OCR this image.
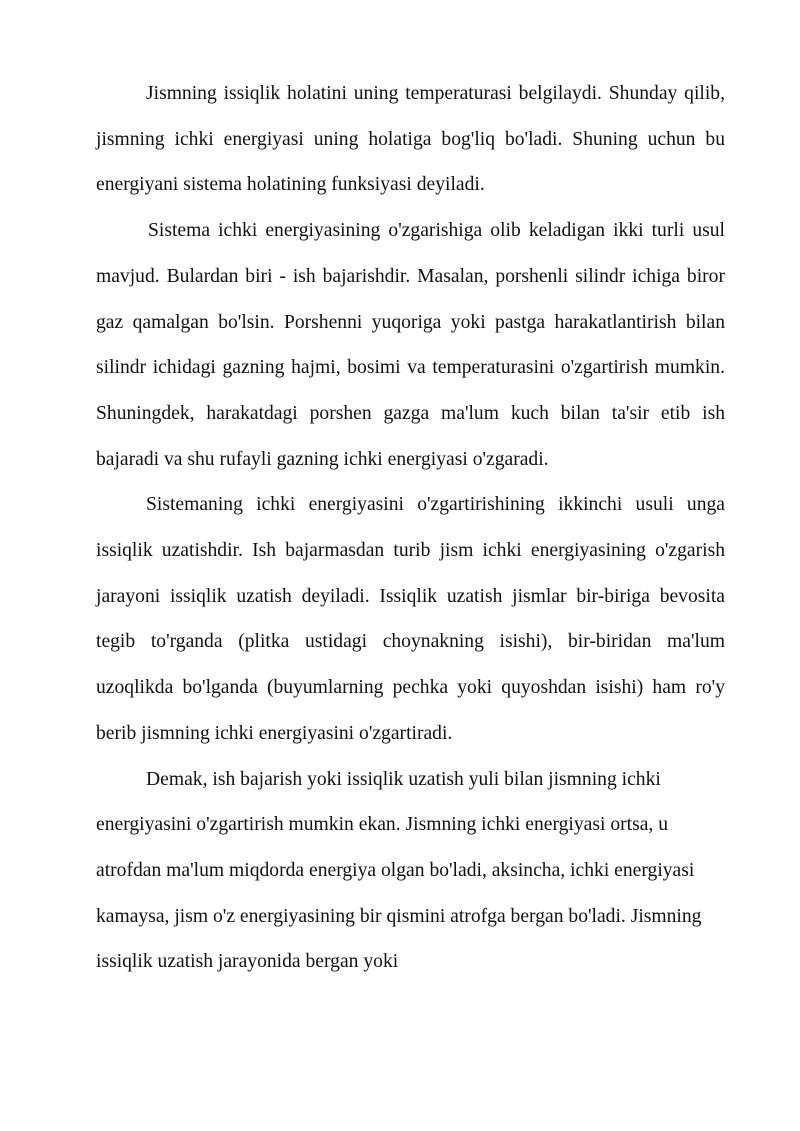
Jismning issiqlik holatini uning temperaturasi belgilaydi. Shunday qilib, jismning ichki energiyasi uning holatiga bog'liq bo'ladi. Shuning uchun bu energiyani sistema holatining funksiyasi deyiladi.

Sistema ichki energiyasining o'zgarishiga olib keladigan ikki turli usul mavjud. Bulardan biri - ish bajarishdir. Masalan, porshenli silindr ichiga biror gaz qamalgan bo'lsin. Porshenni yuqoriga yoki pastga harakatlantirish bilan silindr ichidagi gazning hajmi, bosimi va temperaturasini o'zgartirish mumkin. Shuningdek, harakatdagi porshen gazga ma'lum kuch bilan ta'sir etib ish bajaradi va shu rufayli gazning ichki energiyasi o'zgaradi.

Sistemaning ichki energiyasini o'zgartirishining ikkinchi usuli unga issiqlik uzatishdir. Ish bajarmasdan turib jism ichki energiyasining o'zgarish jarayoni issiqlik uzatish deyiladi. Issiqlik uzatish jismlar bir-biriga bevosita tegib to'rganda (plitka ustidagi choynakning isishi), bir-biridan ma'lum uzoqlikda bo'lganda (buyumlarning pechka yoki quyoshdan isishi) ham ro'y berib jismning ichki energiyasini o'zgartiradi.

Demak, ish bajarish yoki issiqlik uzatish yuli bilan jismning ichki energiyasini o'zgartirish mumkin ekan. Jismning ichki energiyasi ortsa, u atrofdan ma'lum miqdorda energiya olgan bo'ladi, aksincha, ichki energiyasi kamaysa, jism o'z energiyasining bir qismini atrofga bergan bo'ladi. Jismning issiqlik uzatish jarayonida bergan yoki
